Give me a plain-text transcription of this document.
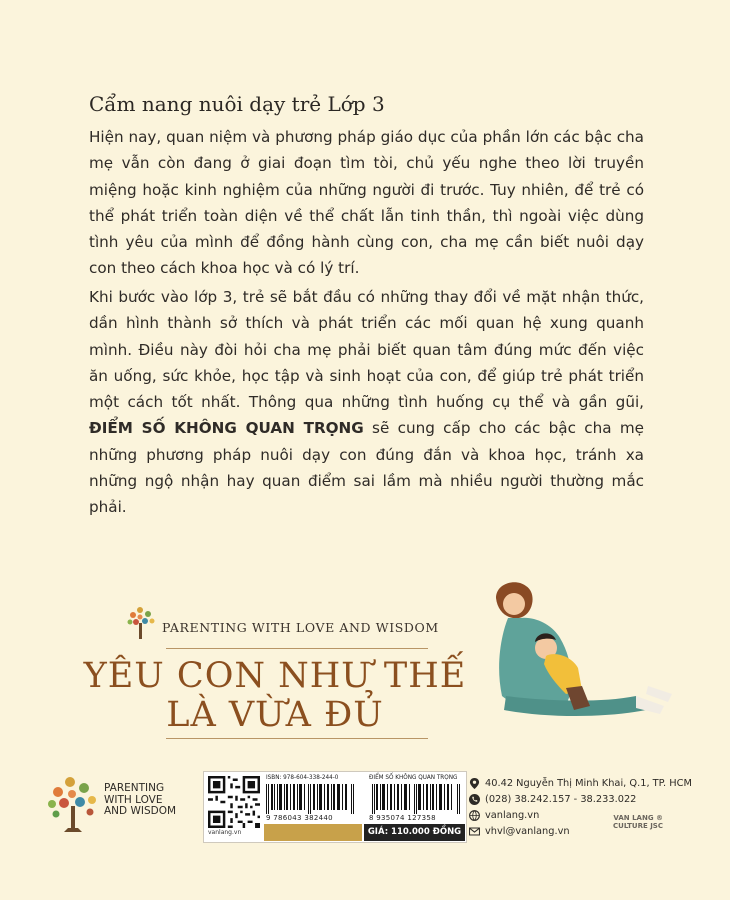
Cẩm nang nuôi dạy trẻ Lớp 3
Hiện nay, quan niệm và phương pháp giáo dục của phần lớn các bậc cha mẹ vẫn còn đang ở giai đoạn tìm tòi, chủ yếu nghe theo lời truyền miệng hoặc kinh nghiệm của những người đi trước. Tuy nhiên, để trẻ có thể phát triển toàn diện về thể chất lẫn tinh thần, thì ngoài việc dùng tình yêu của mình để đồng hành cùng con, cha mẹ cần biết nuôi dạy con theo cách khoa học và có lý trí.
Khi bước vào lớp 3, trẻ sẽ bắt đầu có những thay đổi về mặt nhận thức, dần hình thành sở thích và phát triển các mối quan hệ xung quanh mình. Điều này đòi hỏi cha mẹ phải biết quan tâm đúng mức đến việc ăn uống, sức khỏe, học tập và sinh hoạt của con, để giúp trẻ phát triển một cách tốt nhất. Thông qua những tình huống cụ thể và gần gũi, ĐIỂM SỐ KHÔNG QUAN TRỌNG sẽ cung cấp cho các bậc cha mẹ những phương pháp nuôi dạy con đúng đắn và khoa học, tránh xa những ngộ nhận hay quan điểm sai lầm mà nhiều người thường mắc phải.
PARENTING WITH LOVE AND WISDOM
YÊU CON NHƯ THẾ
LÀ VỪA ĐỦ
PARENTING
WITH LOVE
AND WISDOM
vanlang.vn
ISBN: 978-604-338-244-0	ĐIỂM SỐ KHÔNG QUAN TRỌNG
9 786043 382440	8 935074 127358
GIÁ: 110.000 ĐỒNG
40.42 Nguyễn Thị Minh Khai, Q.1, TP. HCM
(028) 38.242.157 - 38.233.022
vanlang.vn
vhvl@vanlang.vn
VAN LANG ®
CULTURE JSC
